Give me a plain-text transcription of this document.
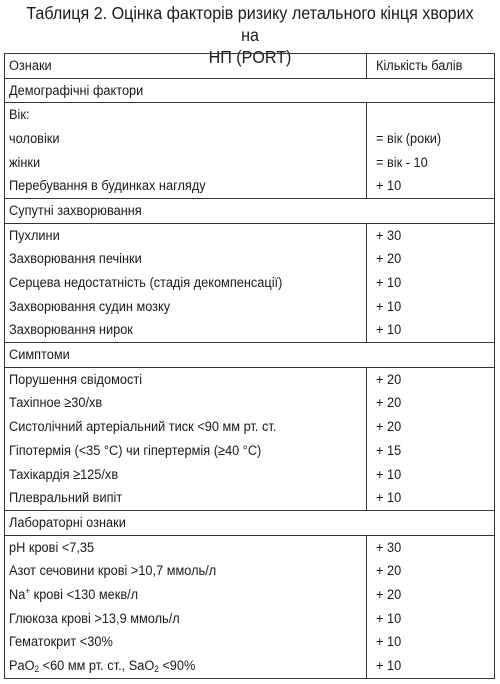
Таблиця 2. Оцінка факторів ризику летального кінця хворих на
НП (PORT)
Ознаки	Кількість балів
Демографічні фактори
Вік:
чоловіки	= вік (роки)
жінки	= вік - 10
Перебування в будинках нагляду	+ 10
Супутні захворювання
Пухлини	+ 30
Захворювання печінки	+ 20
Серцева недостатність (стадія декомпенсації)	+ 10
Захворювання судин мозку	+ 10
Захворювання нирок	+ 10
Симптоми
Порушення свідомості	+ 20
Тахіпное ≥30/хв	+ 20
Систолічний артеріальний тиск <90 мм рт. ст.	+ 20
Гіпотермія (<35 °С) чи гіпертермія (≥40 °С)	+ 15
Тахікардія ≥125/хв	+ 10
Плевральний випіт	+ 10
Лабораторні ознаки
рН крові <7,35	+ 30
Азот сечовини крові >10,7 ммоль/л	+ 20
Na+ крові <130 мекв/л	+ 20
Глюкоза крові >13,9 ммоль/л	+ 10
Гематокрит <30%	+ 10
PaO$_2$ <60 мм рт. ст., SaO$_2$ <90%	+ 10
